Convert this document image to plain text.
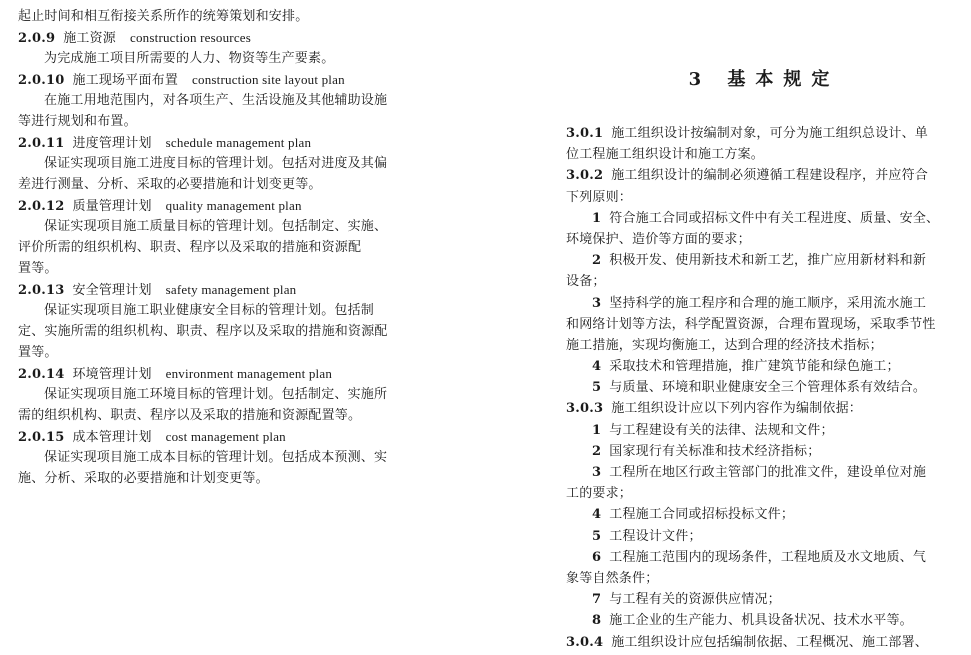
起止时间和相互衔接关系所作的统筹策划和安排。
2.0.9 施工资源 construction resources
为完成施工项目所需要的人力、物资等生产要素。
2.0.10 施工现场平面布置 construction site layout plan
在施工用地范围内，对各项生产、生活设施及其他辅助设施
等进行规划和布置。
2.0.11 进度管理计划 schedule management plan
保证实现项目施工进度目标的管理计划。包括对进度及其偏
差进行测量、分析、采取的必要措施和计划变更等。
2.0.12 质量管理计划 quality management plan
保证实现项目施工质量目标的管理计划。包括制定、实施、
评价所需的组织机构、职责、程序以及采取的措施和资源配
置等。
2.0.13 安全管理计划 safety management plan
保证实现项目施工职业健康安全目标的管理计划。包括制
定、实施所需的组织机构、职责、程序以及采取的措施和资源配
置等。
2.0.14 环境管理计划 environment management plan
保证实现项目施工环境目标的管理计划。包括制定、实施所
需的组织机构、职责、程序以及采取的措施和资源配置等。
2.0.15 成本管理计划 cost management plan
保证实现项目施工成本目标的管理计划。包括成本预测、实
施、分析、采取的必要措施和计划变更等。
3 基本规定
3.0.1 施工组织设计按编制对象，可分为施工组织总设计、单
位工程施工组织设计和施工方案。
3.0.2 施工组织设计的编制必须遵循工程建设程序，并应符合
下列原则：
1 符合施工合同或招标文件中有关工程进度、质量、安全、
环境保护、造价等方面的要求；
2 积极开发、使用新技术和新工艺，推广应用新材料和新
设备；
3 坚持科学的施工程序和合理的施工顺序，采用流水施工
和网络计划等方法，科学配置资源，合理布置现场，采取季节性
施工措施，实现均衡施工，达到合理的经济技术指标；
4 采取技术和管理措施，推广建筑节能和绿色施工；
5 与质量、环境和职业健康安全三个管理体系有效结合。
3.0.3 施工组织设计应以下列内容作为编制依据：
1 与工程建设有关的法律、法规和文件；
2 国家现行有关标准和技术经济指标；
3 工程所在地区行政主管部门的批准文件，建设单位对施
工的要求；
4 工程施工合同或招标投标文件；
5 工程设计文件；
6 工程施工范围内的现场条件，工程地质及水文地质、气
象等自然条件；
7 与工程有关的资源供应情况；
8 施工企业的生产能力、机具设备状况、技术水平等。
3.0.4 施工组织设计应包括编制依据、工程概况、施工部署、
